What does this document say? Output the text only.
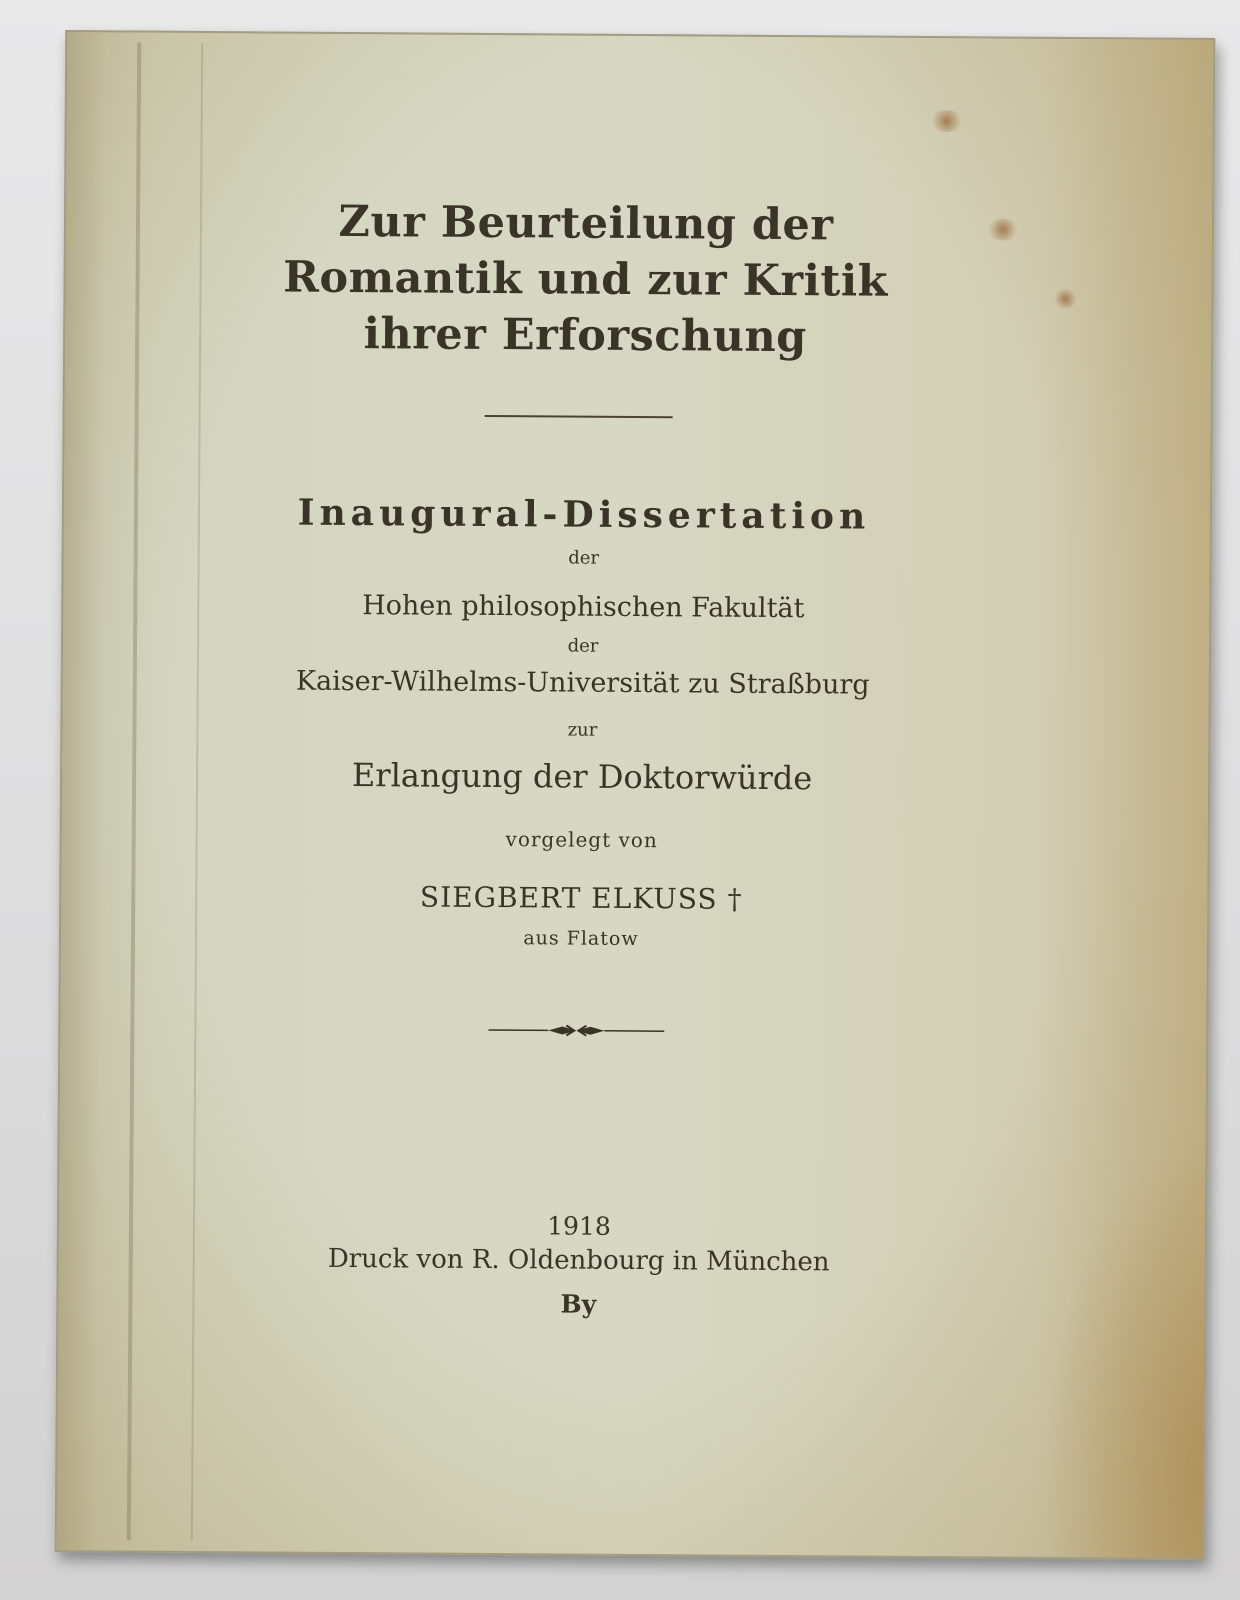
Zur Beurteilung der
Romantik und zur Kritik
ihrer Erforschung
Inaugural-Dissertation
der
Hohen philosophischen Fakultät
der
Kaiser-Wilhelms-Universität zu Straßburg
zur
Erlangung der Doktorwürde
vorgelegt von
SIEGBERT ELKUSS †
aus Flatow
1918
Druck von R. Oldenbourg in München
By
